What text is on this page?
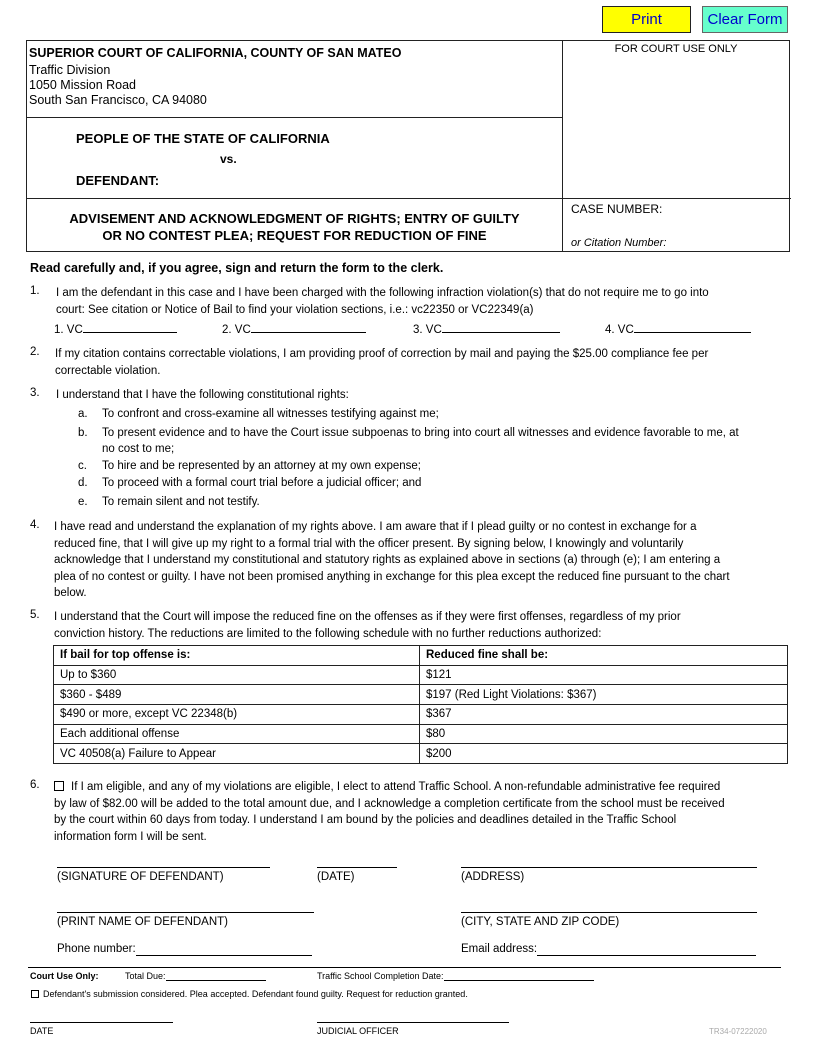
Print	Clear Form
SUPERIOR COURT OF CALIFORNIA, COUNTY OF SAN MATEO
Traffic Division
1050 Mission Road
South San Francisco, CA 94080
FOR COURT USE ONLY
PEOPLE OF THE STATE OF CALIFORNIA
vs.
DEFENDANT:
ADVISEMENT AND ACKNOWLEDGMENT OF RIGHTS; ENTRY OF GUILTY
OR NO CONTEST PLEA; REQUEST FOR REDUCTION OF FINE
CASE NUMBER:
or Citation Number:
Read carefully and, if you agree, sign and return the form to the clerk.
1. I am the defendant in this case and I have been charged with the following infraction violation(s) that do not require me to go into
court: See citation or Notice of Bail to find your violation sections, i.e.: vc22350 or VC22349(a)
1. VC	2. VC	3. VC	4. VC
2. If my citation contains correctable violations, I am providing proof of correction by mail and paying the $25.00 compliance fee per
correctable violation.
3. I understand that I have the following constitutional rights:
a.	To confront and cross-examine all witnesses testifying against me;
b.	To present evidence and to have the Court issue subpoenas to bring into court all witnesses and evidence favorable to me, at
no cost to me;
c.	To hire and be represented by an attorney at my own expense;
d.	To proceed with a formal court trial before a judicial officer; and
e.	To remain silent and not testify.
4. I have read and understand the explanation of my rights above. I am aware that if I plead guilty or no contest in exchange for a
reduced fine, that I will give up my right to a formal trial with the officer present. By signing below, I knowingly and voluntarily
acknowledge that I understand my constitutional and statutory rights as explained above in sections (a) through (e); I am entering a
plea of no contest or guilty. I have not been promised anything in exchange for this plea except the reduced fine pursuant to the chart
below.
5. I understand that the Court will impose the reduced fine on the offenses as if they were first offenses, regardless of my prior
conviction history. The reductions are limited to the following schedule with no further reductions authorized:
If bail for top offense is:	Reduced fine shall be:
Up to $360	$121
$360 - $489	$197 (Red Light Violations: $367)
$490 or more, except VC 22348(b)	$367
Each additional offense	$80
VC 40508(a) Failure to Appear	$200
6.	If I am eligible, and any of my violations are eligible, I elect to attend Traffic School. A non-refundable administrative fee required
by law of $82.00 will be added to the total amount due, and I acknowledge a completion certificate from the school must be received
by the court within 60 days from today. I understand I am bound by the policies and deadlines detailed in the Traffic School
information form I will be sent.
(SIGNATURE OF DEFENDANT)	(DATE)	(ADDRESS)
(PRINT NAME OF DEFENDANT)	(CITY, STATE AND ZIP CODE)
Phone number:	Email address:
Court Use Only:	Total Due:	Traffic School Completion Date:
Defendant's submission considered. Plea accepted. Defendant found guilty. Request for reduction granted.
DATE	JUDICIAL OFFICER	TR34-07222020
